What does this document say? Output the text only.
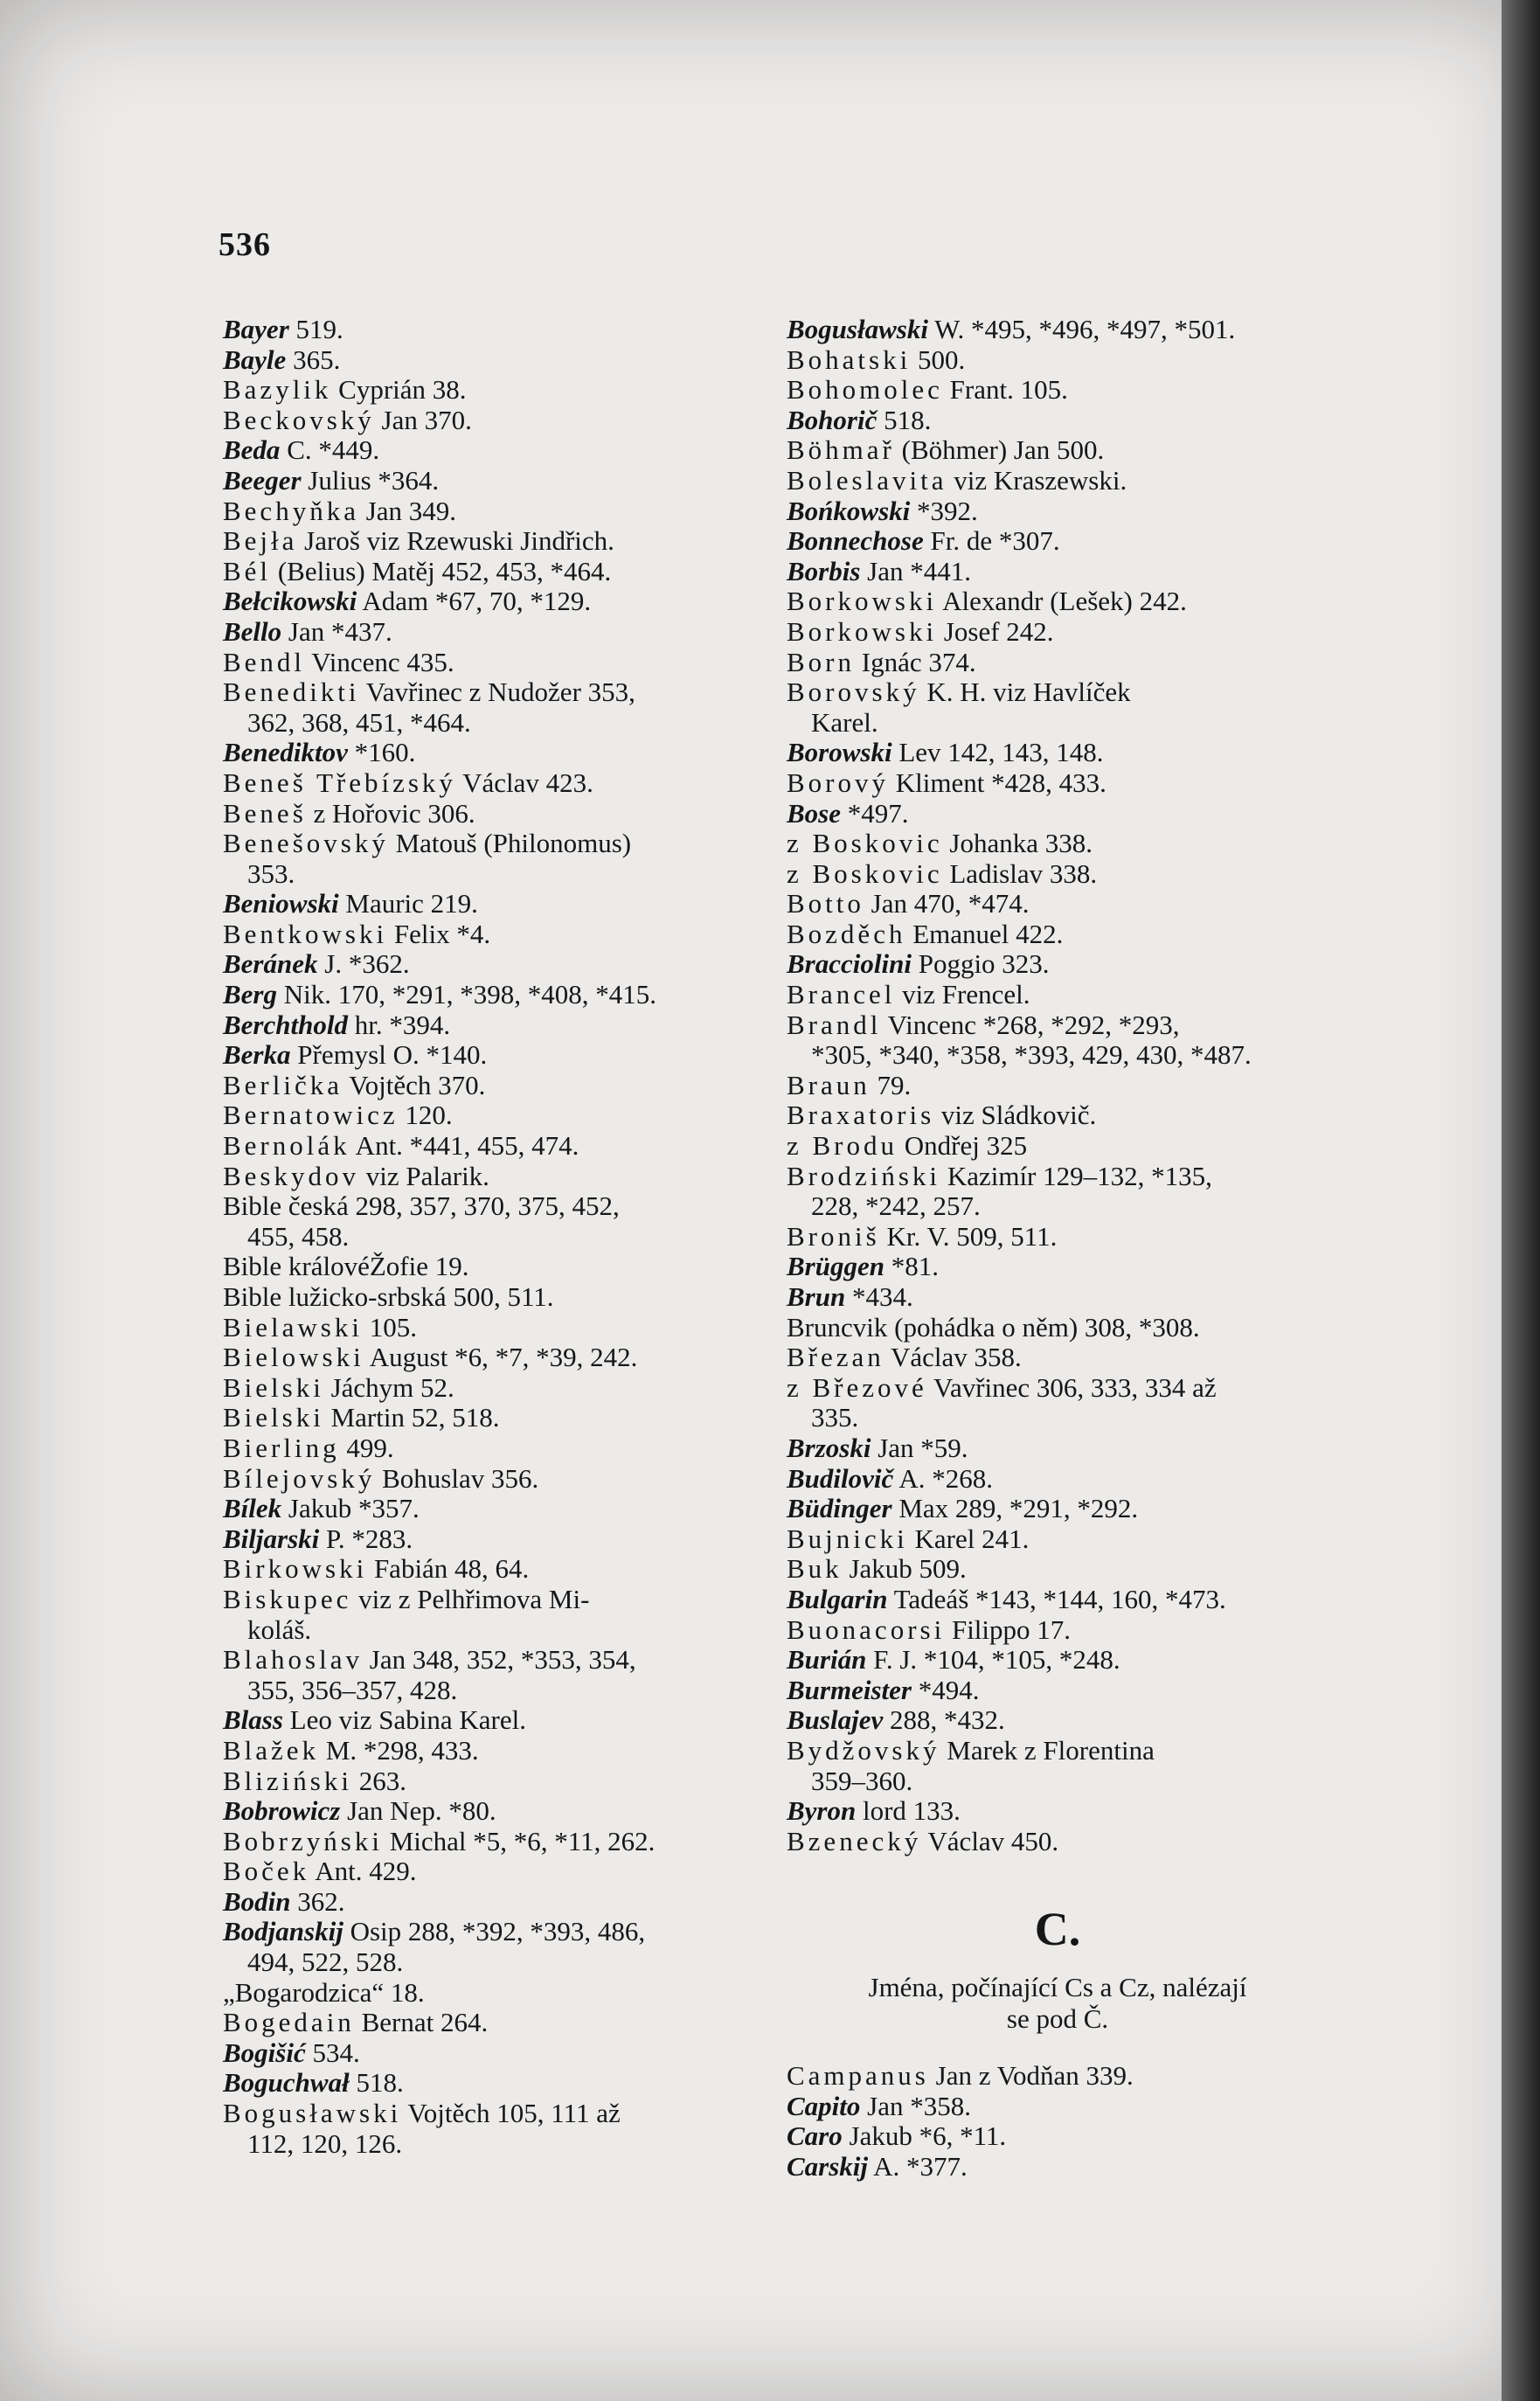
536
Bayer 519.
Bayle 365.
Bazylik Cyprián 38.
Beckovský Jan 370.
Beda C. *449.
Beeger Julius *364.
Bechyňka Jan 349.
Bejła Jaroš viz Rzewuski Jindřich.
Bél (Belius) Matěj 452, 453, *464.
Bełcikowski Adam *67, 70, *129.
Bello Jan *437.
Bendl Vincenc 435.
Benedikti Vavřinec z Nudožer 353,
362, 368, 451, *464.
Benediktov *160.
Beneš Třebízský Václav 423.
Beneš z Hořovic 306.
Benešovský Matouš (Philonomus)
353.
Beniowski Mauric 219.
Bentkowski Felix *4.
Beránek J. *362.
Berg Nik. 170, *291, *398, *408, *415.
Berchthold hr. *394.
Berka Přemysl O. *140.
Berlička Vojtěch 370.
Bernatowicz 120.
Bernolák Ant. *441, 455, 474.
Beskydov viz Palarik.
Bible česká 298, 357, 370, 375, 452,
455, 458.
Bible královéŽofie 19.
Bible lužicko-srbská 500, 511.
Bielawski 105.
Bielowski August *6, *7, *39, 242.
Bielski Jáchym 52.
Bielski Martin 52, 518.
Bierling 499.
Bílejovský Bohuslav 356.
Bílek Jakub *357.
Biljarski P. *283.
Birkowski Fabián 48, 64.
Biskupec viz z Pelhřimova Mi-
koláš.
Blahoslav Jan 348, 352, *353, 354,
355, 356–357, 428.
Blass Leo viz Sabina Karel.
Blažek M. *298, 433.
Bliziński 263.
Bobrowicz Jan Nep. *80.
Bobrzyński Michal *5, *6, *11, 262.
Boček Ant. 429.
Bodin 362.
Bodjanskij Osip 288, *392, *393, 486,
494, 522, 528.
„Bogarodzica“ 18.
Bogedain Bernat 264.
Bogišić 534.
Boguchwał 518.
Bogusławski Vojtěch 105, 111 až
112, 120, 126.
Bogusławski W. *495, *496, *497, *501.
Bohatski 500.
Bohomolec Frant. 105.
Bohorič 518.
Böhmař (Böhmer) Jan 500.
Boleslavita viz Kraszewski.
Bońkowski *392.
Bonnechose Fr. de *307.
Borbis Jan *441.
Borkowski Alexandr (Lešek) 242.
Borkowski Josef 242.
Born Ignác 374.
Borovský K. H. viz Havlíček
Karel.
Borowski Lev 142, 143, 148.
Borový Kliment *428, 433.
Bose *497.
z Boskovic Johanka 338.
z Boskovic Ladislav 338.
Botto Jan 470, *474.
Bozděch Emanuel 422.
Bracciolini Poggio 323.
Brancel viz Frencel.
Brandl Vincenc *268, *292, *293,
*305, *340, *358, *393, 429, 430, *487.
Braun 79.
Braxatoris viz Sládkovič.
z Brodu Ondřej 325
Brodziński Kazimír 129–132, *135,
228, *242, 257.
Broniš Kr. V. 509, 511.
Brüggen *81.
Brun *434.
Bruncvik (pohádka o něm) 308, *308.
Březan Václav 358.
z Březové Vavřinec 306, 333, 334 až
335.
Brzoski Jan *59.
Budilovič A. *268.
Büdinger Max 289, *291, *292.
Bujnicki Karel 241.
Buk Jakub 509.
Bulgarin Tadeáš *143, *144, 160, *473.
Buonacorsi Filippo 17.
Burián F. J. *104, *105, *248.
Burmeister *494.
Buslajev 288, *432.
Bydžovský Marek z Florentina
359–360.
Byron lord 133.
Bzenecký Václav 450.
C.
Jména, počínající Cs a Cz, nalézají
se pod Č.
Campanus Jan z Vodňan 339.
Capito Jan *358.
Caro Jakub *6, *11.
Carskij A. *377.
